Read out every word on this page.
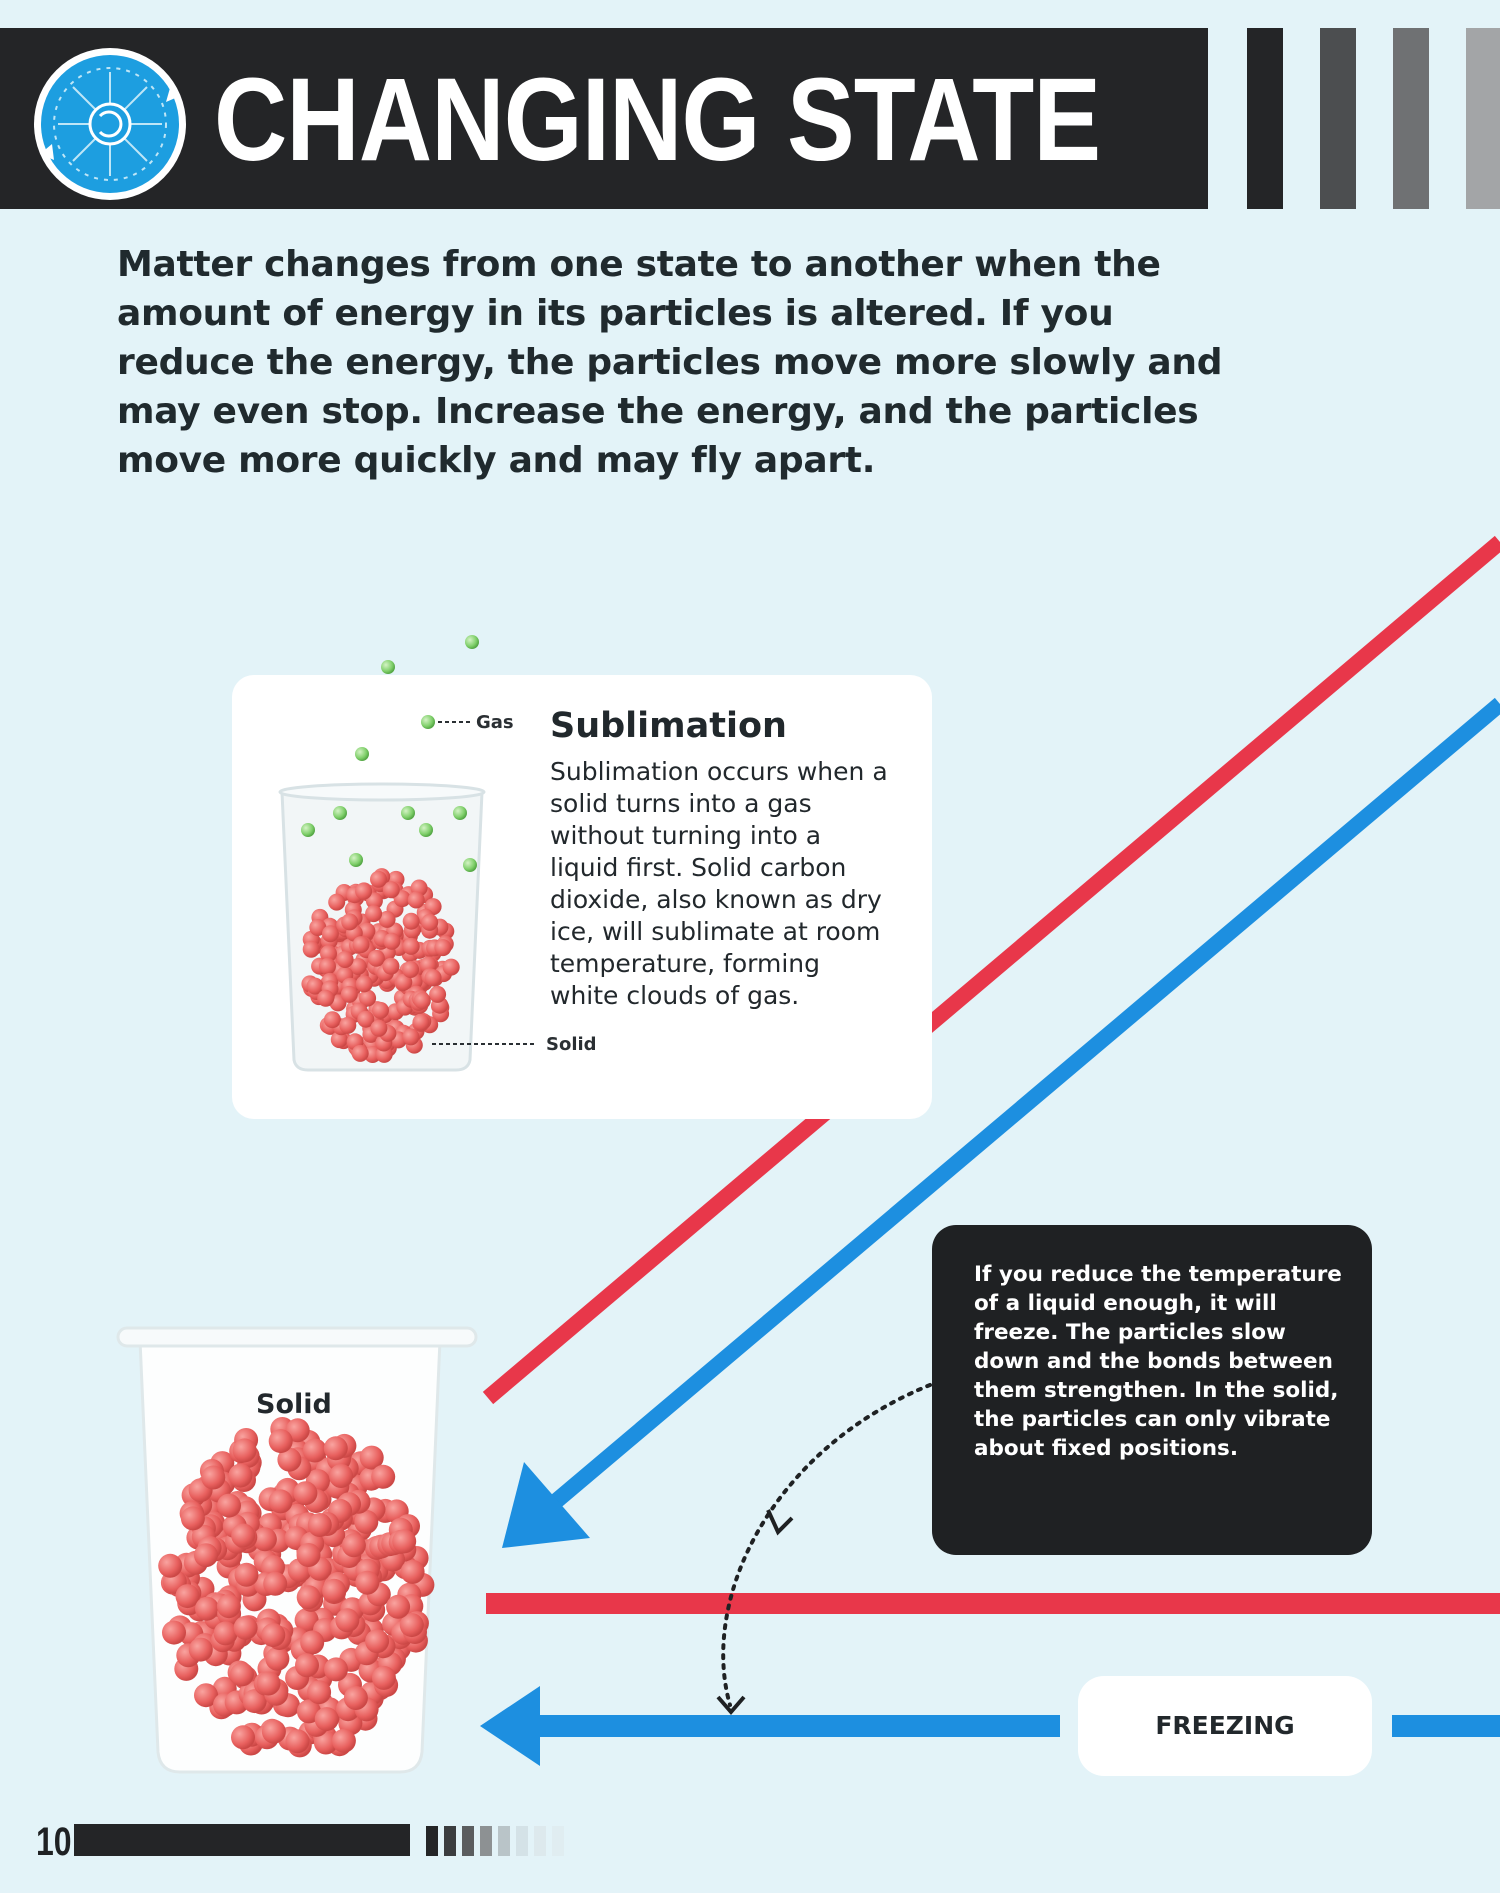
CHANGING STATE
Matter changes from one state to another when the amount of energy in its particles is altered. If you reduce the energy, the particles move more slowly and may even stop. Increase the energy, and the particles move more quickly and may fly apart.
Gas
Solid
Sublimation
Sublimation occurs when a solid turns into a gas without turning into a liquid first. Solid carbon dioxide, also known as dry ice, will sublimate at room temperature, forming white clouds of gas.
Solid
If you reduce the temperature of a liquid enough, it will freeze. The particles slow down and the bonds between them strengthen. In the solid, the particles can only vibrate about fixed positions.
FREEZING
10
